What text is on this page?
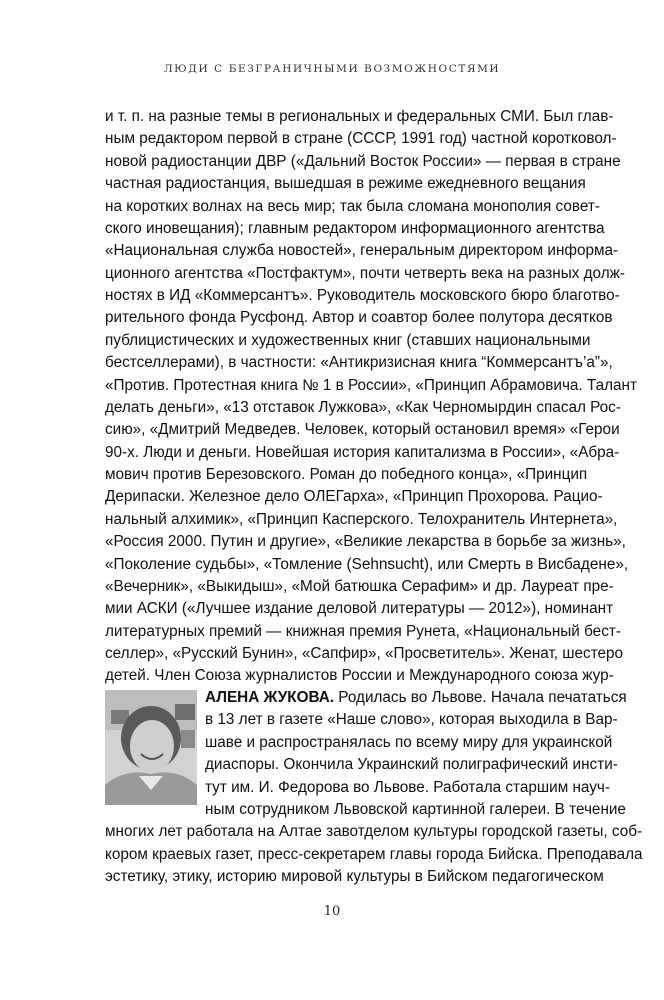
ЛЮДИ С БЕЗГРАНИЧНЫМИ ВОЗМОЖНОСТЯМИ
и т. п. на разные темы в региональных и федеральных СМИ. Был глав-
ным редактором первой в стране (СССР, 1991 год) частной коротковол-
новой радиостанции ДВР («Дальний Восток России» — первая в стране
частная радиостанция, вышедшая в режиме ежедневного вещания
на коротких волнах на весь мир; так была сломана монополия совет-
ского иновещания); главным редактором информационного агентства
«Национальная служба новостей», генеральным директором информа-
ционного агентства «Постфактум», почти четверть века на разных долж-
ностях в ИД «Коммерсантъ». Руководитель московского бюро благотво-
рительного фонда Русфонд. Автор и соавтор более полутора десятков
публицистических и художественных книг (ставших национальными
бестселлерами), в частности: «Антикризисная книга “Коммерсантъ’а”»,
«Против. Протестная книга № 1 в России», «Принцип Абрамовича. Талант
делать деньги», «13 отставок Лужкова», «Как Черномырдин спасал Рос-
сию», «Дмитрий Медведев. Человек, который остановил время» «Герои
90-х. Люди и деньги. Новейшая история капитализма в России», «Абра-
мович против Березовского. Роман до победного конца», «Принцип
Дерипаски. Железное дело ОЛЕГарха», «Принцип Прохорова. Рацио-
нальный алхимик», «Принцип Касперского. Телохранитель Интернета»,
«Россия 2000. Путин и другие», «Великие лекарства в борьбе за жизнь»,
«Поколение судьбы», «Томление (Sehnsucht), или Смерть в Висбадене»,
«Вечерник», «Выкидыш», «Мой батюшка Серафим» и др. Лауреат пре-
мии АСКИ («Лучшее издание деловой литературы — 2012»), номинант
литературных премий — книжная премия Рунета, «Национальный бест-
селлер», «Русский Бунин», «Сапфир», «Просветитель». Женат, шестеро
детей. Член Союза журналистов России и Международного союза жур-
АЛЕНА ЖУКОВА. Родилась во Львове. Начала печататься
в 13 лет в газете «Наше слово», которая выходила в Вар-
шаве и распространялась по всему миру для украинской
диаспоры. Окончила Украинский полиграфический инсти-
тут им. И. Федорова во Львове. Работала старшим науч-
ным сотрудником Львовской картинной галереи. В течение
многих лет работала на Алтае завотделом культуры городской газеты, соб-
кором краевых газет, пресс-секретарем главы города Бийска. Преподавала
эстетику, этику, историю мировой культуры в Бийском педагогическом
10
